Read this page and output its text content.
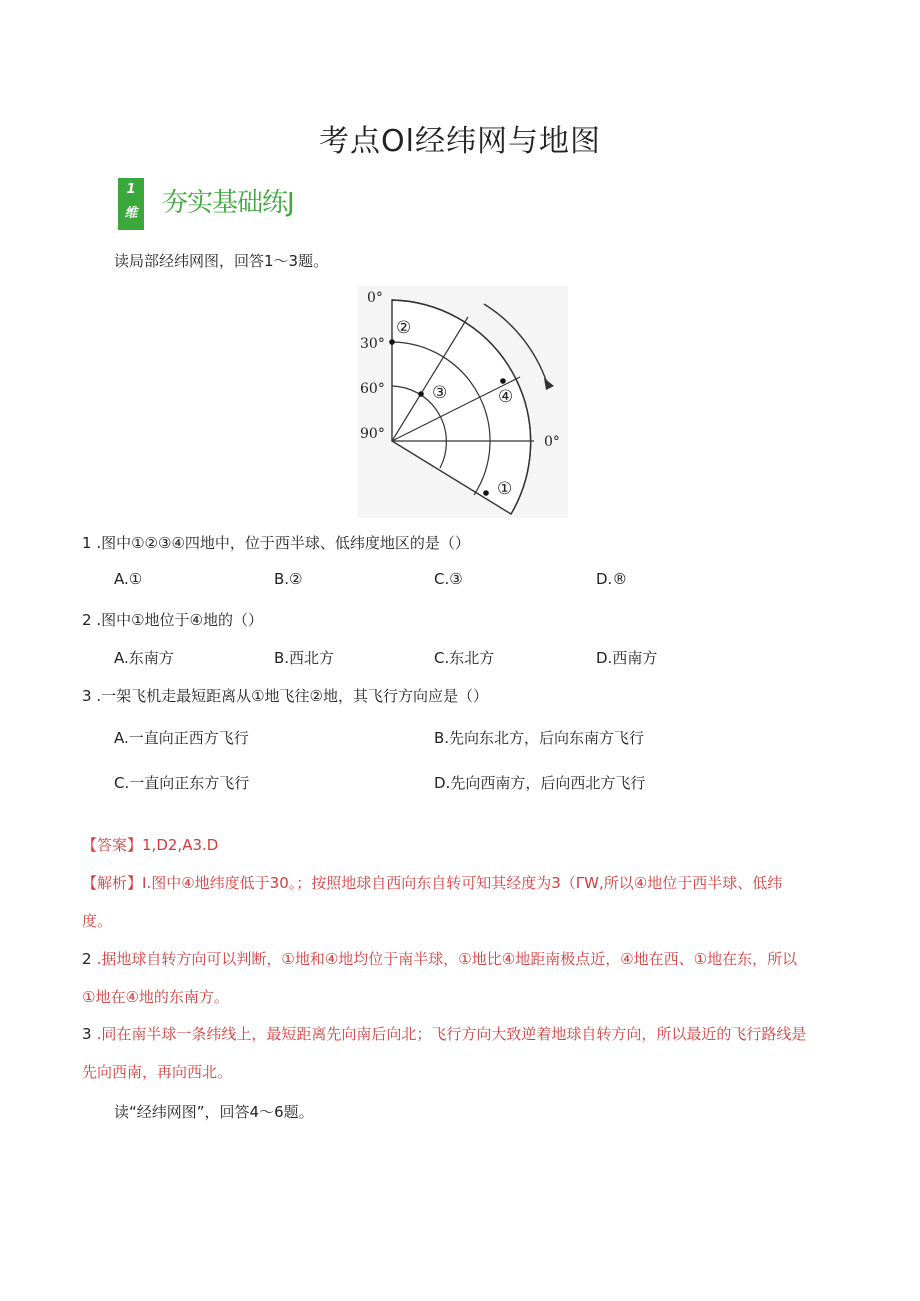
考点Ol经纬网与地图
1
维 夯实基础练J
读局部经纬网图，回答1〜3题。
0°
30°
60°
90°	0°
②
③	④
①
1 .图中①②③④四地中，位于西半球、低纬度地区的是（）
A.①	B.②	C.③	D.®
2 .图中①地位于④地的（）
A.东南方	B.西北方	C.东北方	D.西南方
3 .一架飞机走最短距离从①地飞往②地，其飞行方向应是（）
A.一直向正西方飞行	B.先向东北方，后向东南方飞行
C.一直向正东方飞行	D.先向西南方，后向西北方飞行
【答案】1,D2,A3.D
【解析】I.图中④地纬度低于30。；按照地球自西向东自转可知其经度为3（ΓW,所以④地位于西半球、低纬
度。
2 .据地球自转方向可以判断，①地和④地均位于南半球，①地比④地距南极点近，④地在西、①地在东，所以
①地在④地的东南方。
3 .同在南半球一条纬线上，最短距离先向南后向北；飞行方向大致逆着地球自转方向，所以最近的飞行路线是
先向西南，再向西北。
读“经纬网图”，回答4〜6题。
